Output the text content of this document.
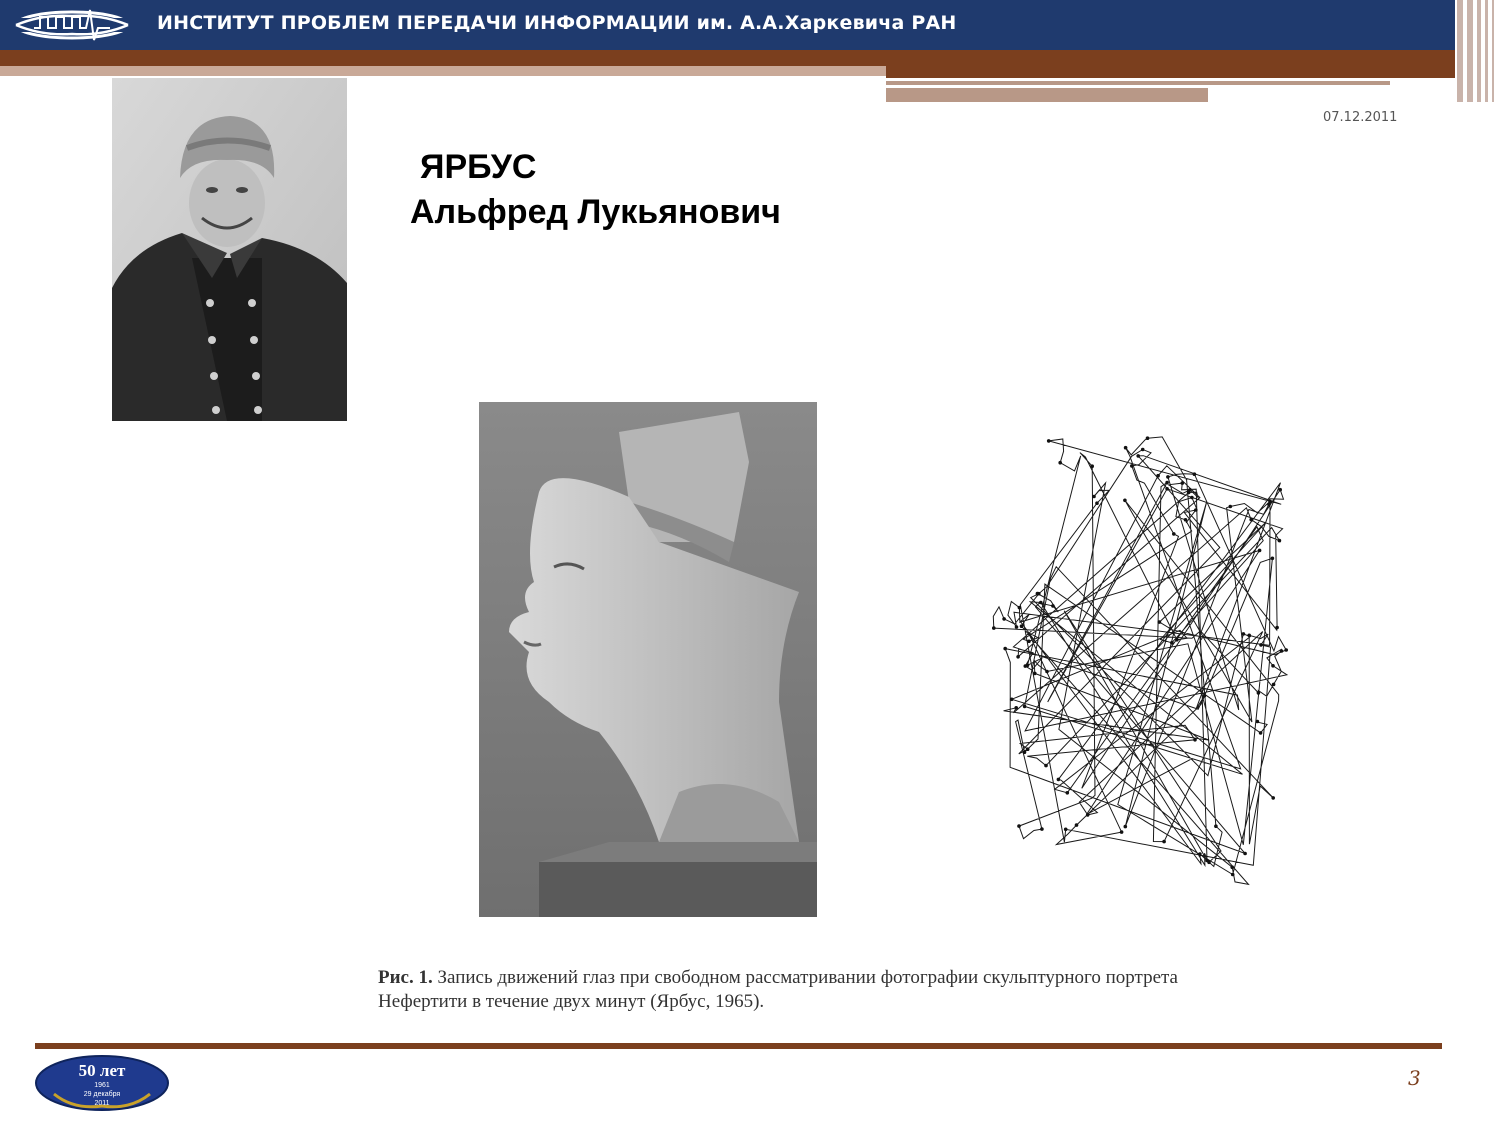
ИНСТИТУТ ПРОБЛЕМ ПЕРЕДАЧИ ИНФОРМАЦИИ им. А.А.Харкевича РАН
07.12.2011
ЯРБУС
Альфред Лукьянович
Рис. 1. Запись движений глаз при свободном рассматривании фотографии скульптурного портрета
Нефертити в течение двух минут (Ярбус, 1965).
50 лет
1961
29 декабря
2011
3
